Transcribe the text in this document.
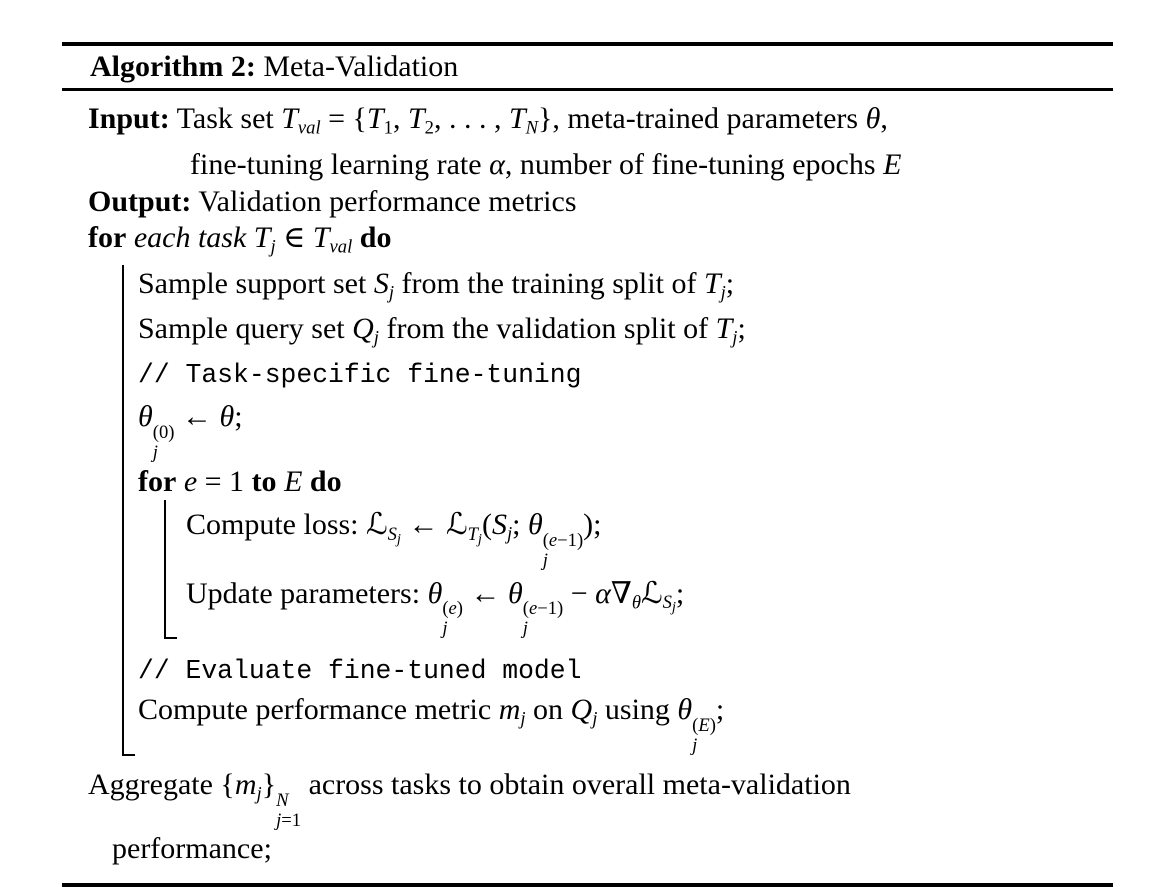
Algorithm 2: Meta-Validation
Input: Task set $T_{val} = \{T_1$, $T_2$, . . . , $T_N$}, meta-trained parameters θ,
fine-tuning learning rate α, number of fine-tuning epochs E
Output: Validation performance metrics
for each task $T_j$ ∈ $T_{val}$ do
Sample support set $S_j$ from the training split of $T_j$;
Sample query set $Q_j$ from the validation split of $T_j$;
// Task-specific fine-tuning
θ (0)
j
← θ;
for e = 1 to E do
Compute loss: ℒ$_{S_j}$ ← $ℒ_{T_j}(S_j$; θ (e−1)
j
);
Update parameters: θ (e)
j
← θ (e−1)
j
− $\alpha\nabla_\theta ℒ_{S_j}$;
// Evaluate fine-tuned model
Compute performance metric $m_j$ on $Q_j$ using θ (E)
j
;
Aggregate $\{m_j\}$ N
j=1
across tasks to obtain overall meta-validation
performance;
